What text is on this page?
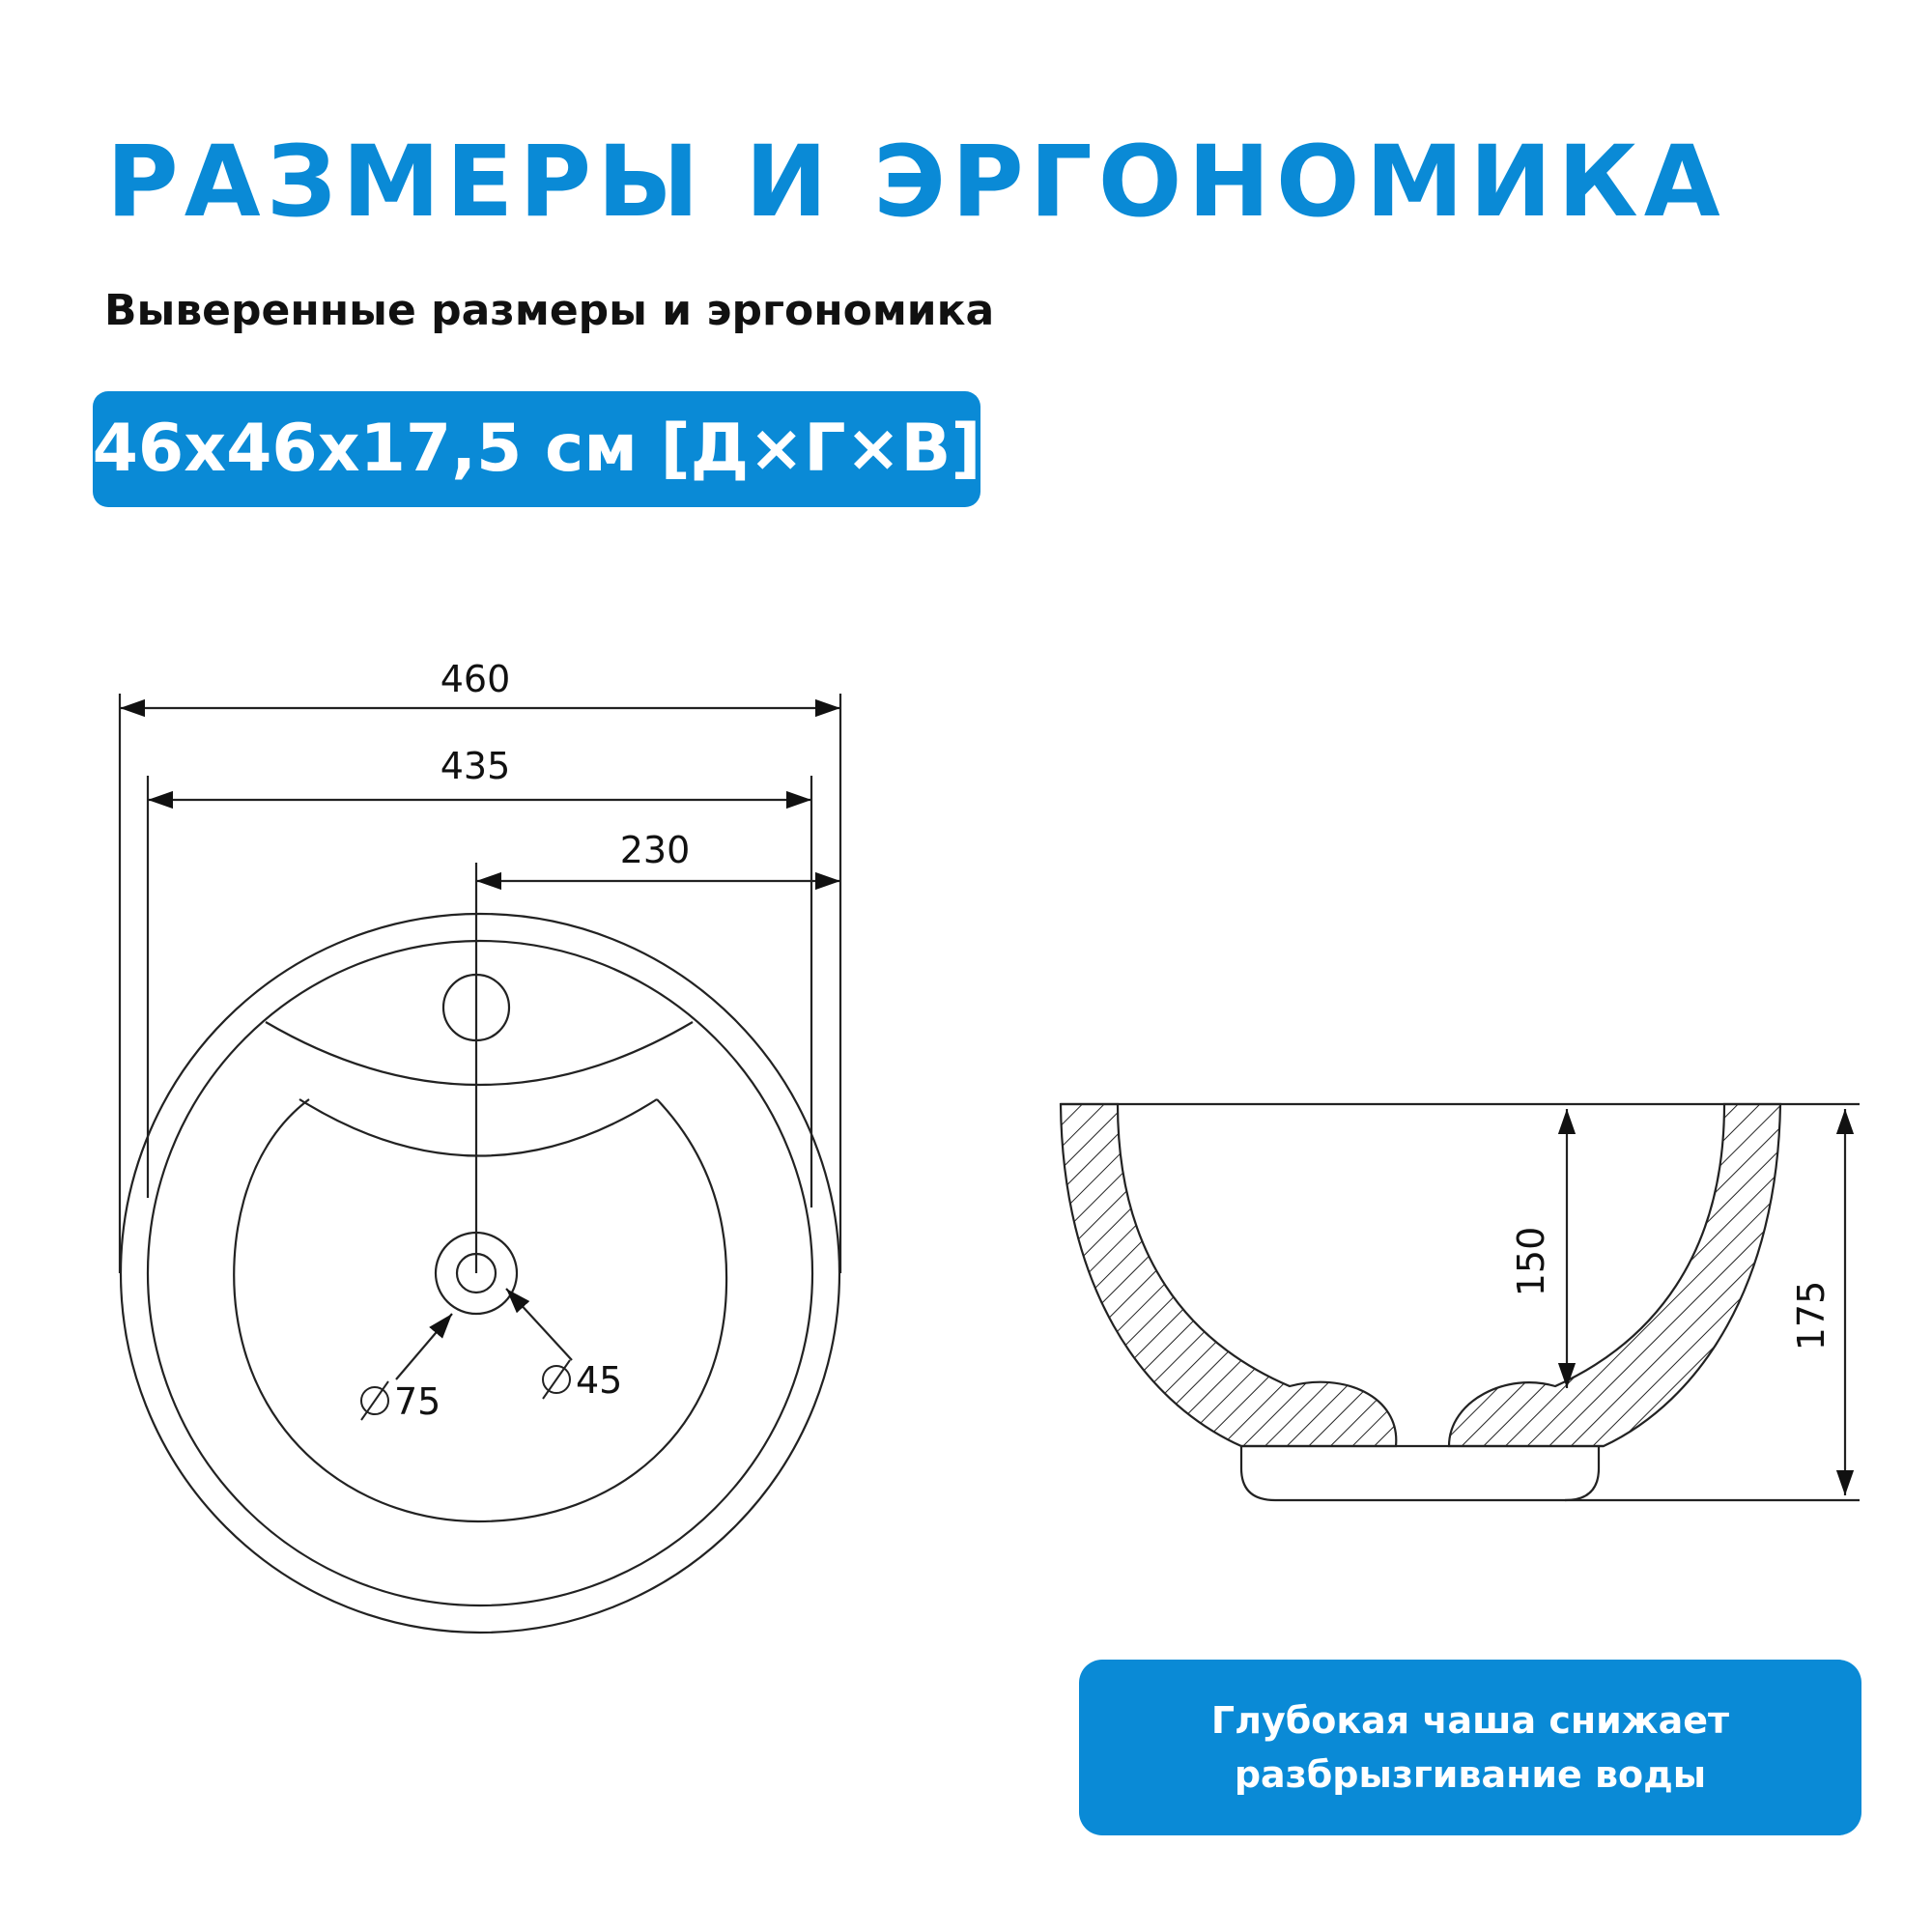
РАЗМЕРЫ И ЭРГОНОМИКА
Выверенные размеры и эргономика
46x46x17,5 см [Д×Г×В]
460
435
230
75	45
150
175
Глубокая чаша снижает
разбрызгивание воды
